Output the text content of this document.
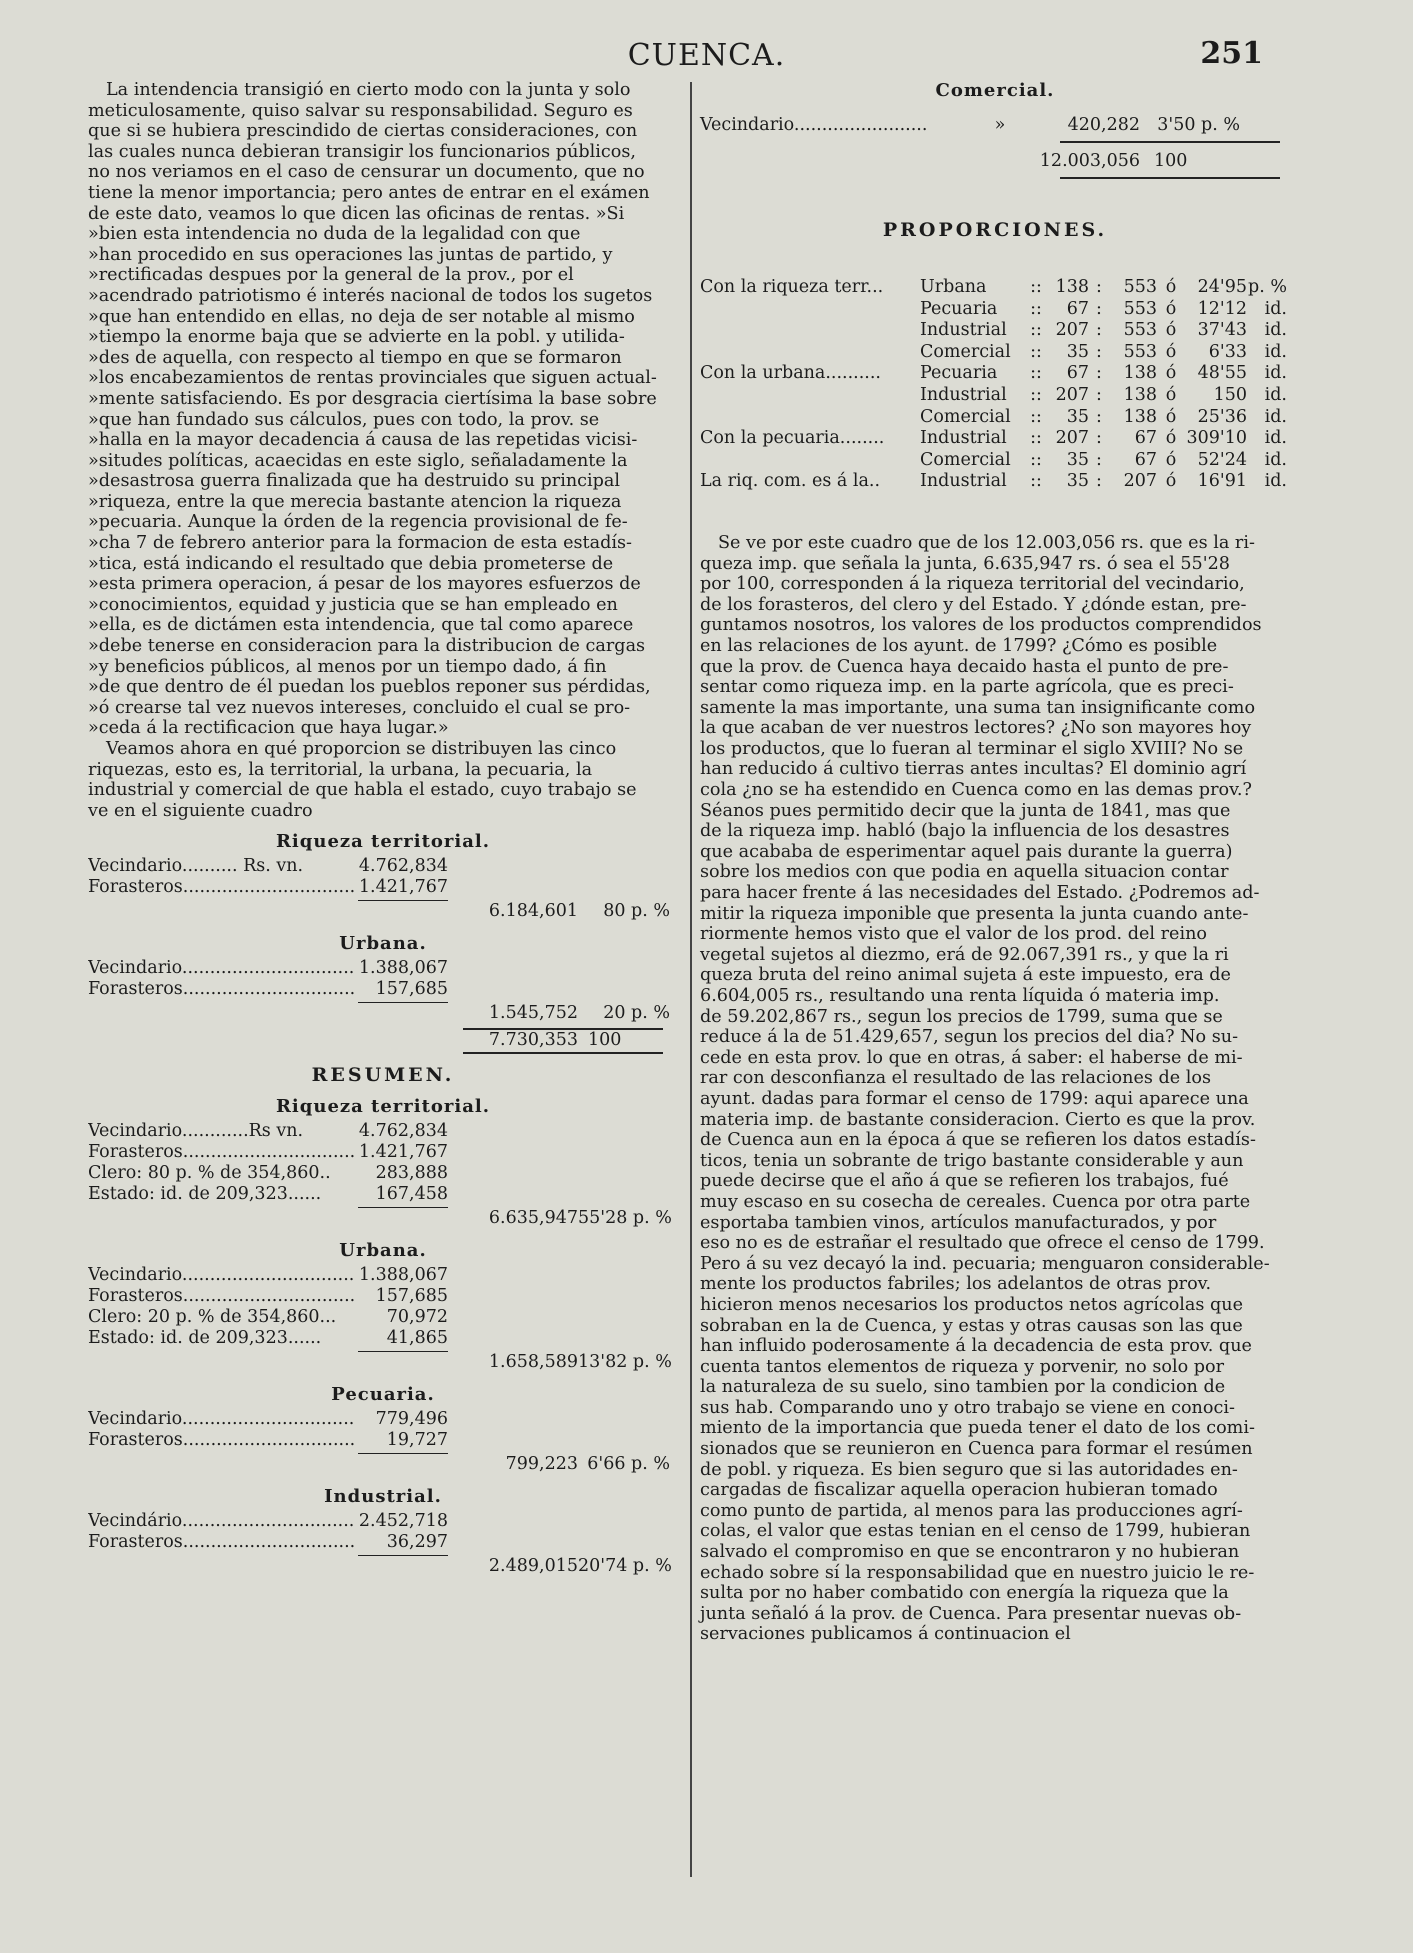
CUENCA.	251

La intendencia transigió en cierto modo con la junta y solo

meticulosamente, quiso salvar su responsabilidad. Seguro es

que si se hubiera prescindido de ciertas consideraciones, con

las cuales nunca debieran transigir los funcionarios públicos,

no nos veriamos en el caso de censurar un documento, que no

tiene la menor importancia; pero antes de entrar en el exámen

de este dato, veamos lo que dicen las oficinas de rentas. »Si

»bien esta intendencia no duda de la legalidad con que

»han procedido en sus operaciones las juntas de partido, y

»rectificadas despues por la general de la prov., por el

»acendrado patriotismo é interés nacional de todos los sugetos

»que han entendido en ellas, no deja de ser notable al mismo

»tiempo la enorme baja que se advierte en la pobl. y utilida-

»des de aquella, con respecto al tiempo en que se formaron

»los encabezamientos de rentas provinciales que siguen actual-

»mente satisfaciendo. Es por desgracia ciertísima la base sobre

»que han fundado sus cálculos, pues con todo, la prov. se

»halla en la mayor decadencia á causa de las repetidas vicisi-

»situdes políticas, acaecidas en este siglo, señaladamente la

»desastrosa guerra finalizada que ha destruido su principal

»riqueza, entre la que merecia bastante atencion la riqueza

»pecuaria. Aunque la órden de la regencia provisional de fe-

»cha 7 de febrero anterior para la formacion de esta estadís-

»tica, está indicando el resultado que debia prometerse de

»esta primera operacion, á pesar de los mayores esfuerzos de

»conocimientos, equidad y justicia que se han empleado en

»ella, es de dictámen esta intendencia, que tal como aparece

»debe tenerse en consideracion para la distribucion de cargas

»y beneficios públicos, al menos por un tiempo dado, á fin

»de que dentro de él puedan los pueblos reponer sus pérdidas,

»ó crearse tal vez nuevos intereses, concluido el cual se pro-

»ceda á la rectificacion que haya lugar.»

Veamos ahora en qué proporcion se distribuyen las cinco

riquezas, esto es, la territorial, la urbana, la pecuaria, la

industrial y comercial de que habla el estado, cuyo trabajo se

ve en el siguiente cuadro

Riqueza territorial.
Vecindario.......... Rs. vn.	4.762,834
Forasteros............................... 1.421,767
6.184,601	80 p. %
Urbana.
Vecindario............................... 1.388,067
Forasteros...............................	157,685
1.545,752	20 p. %
7.730,353 100
RESUMEN.
Riqueza territorial.
Vecindario............Rs vn.	4.762,834
Forasteros............................... 1.421,767
Clero: 80 p. % de 354,860..	283,888
Estado: id. de 209,323......	167,458
6.635,947 55'28 p. %
Urbana.
Vecindario............................... 1.388,067
Forasteros...............................	157,685
Clero: 20 p. % de 354,860...	70,972
Estado: id. de 209,323......	41,865
1.658,589 13'82 p. %
Pecuaria.
Vecindario...............................	779,496
Forasteros...............................	19,727
799,223 6'66 p. %
Industrial.
Vecindário............................... 2.452,718
Forasteros...............................	36,297
2.489,015 20'74 p. %
Comercial.
Vecindario........................	»	420,282 3'50 p. %
12.003,056 100
PROPORCIONES.
Con la riqueza terr...	Urbana	:: 138 :	553 ó	24'95 p. %
Pecuaria	::	67 :	553 ó	12'12	id.
Industrial	:: 207 :	553 ó	37'43	id.
Comercial	::	35 :	553 ó	6'33	id.
Con la urbana..........	Pecuaria	::	67 :	138 ó	48'55	id.
Industrial	:: 207 :	138 ó	150	id.
Comercial	::	35 :	138 ó	25'36	id.
Con la pecuaria........	Industrial	:: 207 :	67 ó 309'10	id.
Comercial	::	35 :	67 ó	52'24	id.
La riq. com. es á la..	Industrial	::	35 :	207 ó	16'91	id.

Se ve por este cuadro que de los 12.003,056 rs. que es la ri-

queza imp. que señala la junta, 6.635,947 rs. ó sea el 55'28

por 100, corresponden á la riqueza territorial del vecindario,

de los forasteros, del clero y del Estado. Y ¿dónde estan, pre-

guntamos nosotros, los valores de los productos comprendidos

en las relaciones de los ayunt. de 1799? ¿Cómo es posible

que la prov. de Cuenca haya decaido hasta el punto de pre-

sentar como riqueza imp. en la parte agrícola, que es preci-

samente la mas importante, una suma tan insignificante como

la que acaban de ver nuestros lectores? ¿No son mayores hoy

los productos, que lo fueran al terminar el siglo XVIII? No se

han reducido á cultivo tierras antes incultas? El dominio agrí

cola ¿no se ha estendido en Cuenca como en las demas prov.?

Séanos pues permitido decir que la junta de 1841, mas que

de la riqueza imp. habló (bajo la influencia de los desastres

que acababa de esperimentar aquel pais durante la guerra)

sobre los medios con que podia en aquella situacion contar

para hacer frente á las necesidades del Estado. ¿Podremos ad-

mitir la riqueza imponible que presenta la junta cuando ante-

riormente hemos visto que el valor de los prod. del reino

vegetal sujetos al diezmo, erá de 92.067,391 rs., y que la ri

queza bruta del reino animal sujeta á este impuesto, era de

6.604,005 rs., resultando una renta líquida ó materia imp.

de 59.202,867 rs., segun los precios de 1799, suma que se

reduce á la de 51.429,657, segun los precios del dia? No su-

cede en esta prov. lo que en otras, á saber: el haberse de mi-

rar con desconfianza el resultado de las relaciones de los

ayunt. dadas para formar el censo de 1799: aqui aparece una

materia imp. de bastante consideracion. Cierto es que la prov.

de Cuenca aun en la época á que se refieren los datos estadís-

ticos, tenia un sobrante de trigo bastante considerable y aun

puede decirse que el año á que se refieren los trabajos, fué

muy escaso en su cosecha de cereales. Cuenca por otra parte

esportaba tambien vinos, artículos manufacturados, y por

eso no es de estrañar el resultado que ofrece el censo de 1799.

Pero á su vez decayó la ind. pecuaria; menguaron considerable-

mente los productos fabriles; los adelantos de otras prov.

hicieron menos necesarios los productos netos agrícolas que

sobraban en la de Cuenca, y estas y otras causas son las que

han influido poderosamente á la decadencia de esta prov. que

cuenta tantos elementos de riqueza y porvenir, no solo por

la naturaleza de su suelo, sino tambien por la condicion de

sus hab. Comparando uno y otro trabajo se viene en conoci-

miento de la importancia que pueda tener el dato de los comi-

sionados que se reunieron en Cuenca para formar el resúmen

de pobl. y riqueza. Es bien seguro que si las autoridades en-

cargadas de fiscalizar aquella operacion hubieran tomado

como punto de partida, al menos para las producciones agrí-

colas, el valor que estas tenian en el censo de 1799, hubieran

salvado el compromiso en que se encontraron y no hubieran

echado sobre sí la responsabilidad que en nuestro juicio le re-

sulta por no haber combatido con energía la riqueza que la

junta señaló á la prov. de Cuenca. Para presentar nuevas ob-

servaciones publicamos á continuacion el
